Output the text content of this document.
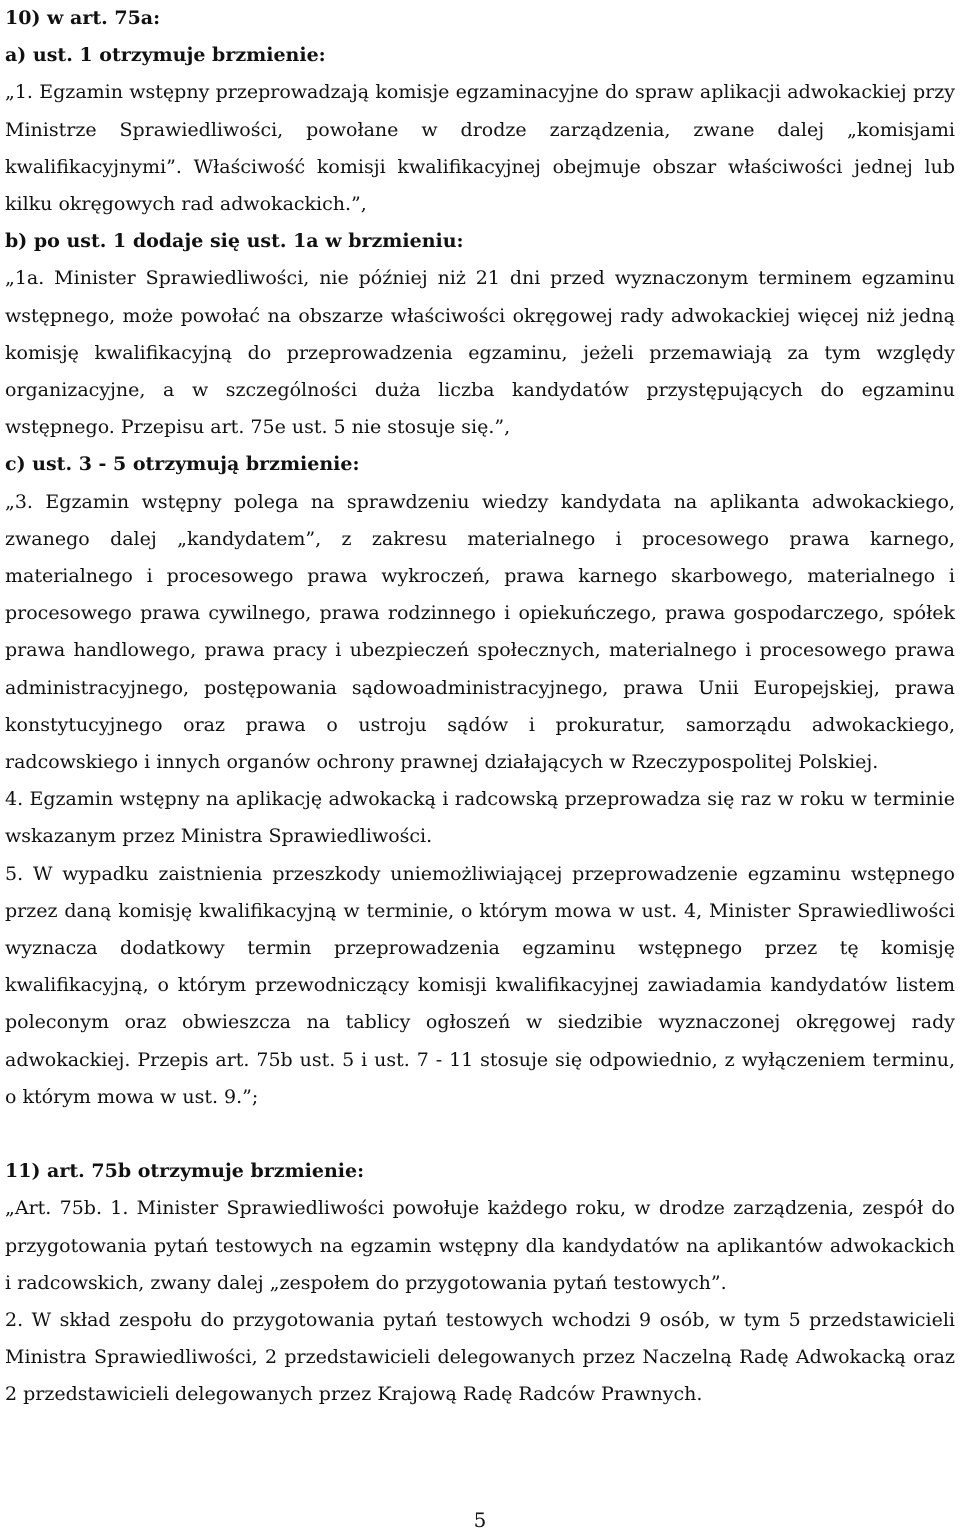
10) w art. 75a:
a) ust. 1 otrzymuje brzmienie:

„1. Egzamin wstępny przeprowadzają komisje egzaminacyjne do spraw aplikacji adwokackiej przy Ministrze Sprawiedliwości, powołane w drodze zarządzenia, zwane dalej „komisjami kwalifikacyjnymi”. Właściwość komisji kwalifikacyjnej obejmuje obszar właściwości jednej lub kilku okręgowych rad adwokackich.”,

b) po ust. 1 dodaje się ust. 1a w brzmieniu:

„1a. Minister Sprawiedliwości, nie później niż 21 dni przed wyznaczonym terminem egzaminu wstępnego, może powołać na obszarze właściwości okręgowej rady adwokackiej więcej niż jedną komisję kwalifikacyjną do przeprowadzenia egzaminu, jeżeli przemawiają za tym względy organizacyjne, a w szczególności duża liczba kandydatów przystępujących do egzaminu wstępnego. Przepisu art. 75e ust. 5 nie stosuje się.”,

c) ust. 3 - 5 otrzymują brzmienie:

„3. Egzamin wstępny polega na sprawdzeniu wiedzy kandydata na aplikanta adwokackiego, zwanego dalej „kandydatem”, z zakresu materialnego i procesowego prawa karnego, materialnego i procesowego prawa wykroczeń, prawa karnego skarbowego, materialnego i procesowego prawa cywilnego, prawa rodzinnego i opiekuńczego, prawa gospodarczego, spółek prawa handlowego, prawa pracy i ubezpieczeń społecznych, materialnego i procesowego prawa administracyjnego, postępowania sądowoadministracyjnego, prawa Unii Europejskiej, prawa konstytucyjnego oraz prawa o ustroju sądów i prokuratur, samorządu adwokackiego, radcowskiego i innych organów ochrony prawnej działających w Rzeczypospolitej Polskiej.

4. Egzamin wstępny na aplikację adwokacką i radcowską przeprowadza się raz w roku w terminie wskazanym przez Ministra Sprawiedliwości.

5. W wypadku zaistnienia przeszkody uniemożliwiającej przeprowadzenie egzaminu wstępnego przez daną komisję kwalifikacyjną w terminie, o którym mowa w ust. 4, Minister Sprawiedliwości wyznacza dodatkowy termin przeprowadzenia egzaminu wstępnego przez tę komisję kwalifikacyjną, o którym przewodniczący komisji kwalifikacyjnej zawiadamia kandydatów listem poleconym oraz obwieszcza na tablicy ogłoszeń w siedzibie wyznaczonej okręgowej rady adwokackiej. Przepis art. 75b ust. 5 i ust. 7 - 11 stosuje się odpowiednio, z wyłączeniem terminu, o którym mowa w ust. 9.”;

11) art. 75b otrzymuje brzmienie:

„Art. 75b. 1. Minister Sprawiedliwości powołuje każdego roku, w drodze zarządzenia, zespół do przygotowania pytań testowych na egzamin wstępny dla kandydatów na aplikantów adwokackich i radcowskich, zwany dalej „zespołem do przygotowania pytań testowych”.

2. W skład zespołu do przygotowania pytań testowych wchodzi 9 osób, w tym 5 przedstawicieli Ministra Sprawiedliwości, 2 przedstawicieli delegowanych przez Naczelną Radę Adwokacką oraz 2 przedstawicieli delegowanych przez Krajową Radę Radców Prawnych.

5
